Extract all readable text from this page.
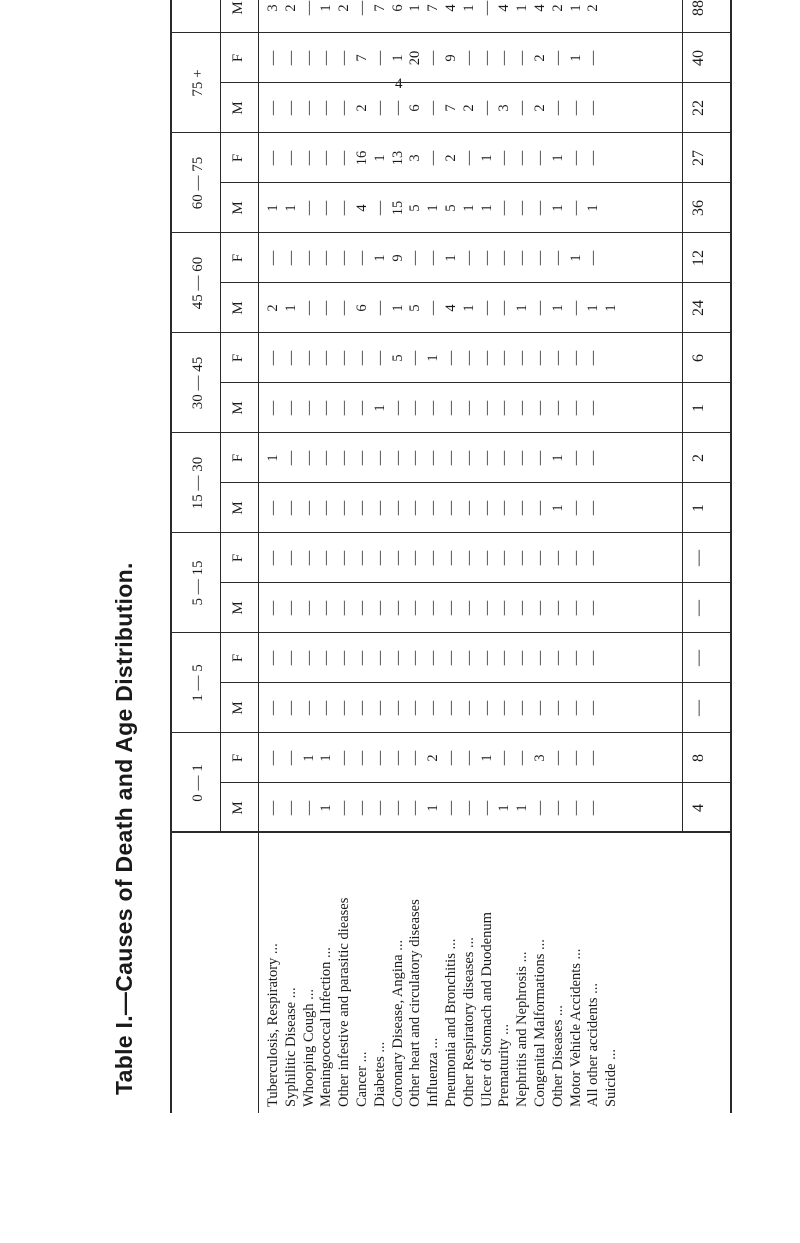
4
Table I.—Causes of Death and Age Distribution.	Tuberculosis, Respiratory ... Syphilitic Disease ... Whooping Cough ... Meningococcal Infection ... Other infestive and parasitic dieases Cancer ... Diabetes ... Coronary Disease, Angina ... Other heart and circulatory diseases Influenza ... Pneumonia and Bronchitis ... Other Respiratory diseases ... Ulcer of Stomach and Duodenum Prematurity ... Nephritis and Nephrosis ... Congenital Malformations ... Other Diseases ... Motor Vehicle Accidents ... All other accidents ... Suicide ...
0 — 1
1 — 5
5 — 15
15 — 30
30 — 45
45 — 60
60 — 75
75 +
M
F
M
F
M
F
M
F
M
F
M
F
M
F
M
F
M
— — — 1 — — — — — 1 — — — 1 1 — — — —
— — 1 1 — — — — — 2 — — 1 — — 3 — — —
— — — — — — — — — — — — — — — — — — —
— — — — — — — — — — — — — — — — — — —
— — — — — — — — — — — — — — — — — — —
— — — — — — — — — — — — — — — — — — —
— — — — — — — — — — — — — — — — 1 — —
1 — — — — — — — — — — — — — — — 1 — —
— — — — — — 1 — — — — — — — — — — — —
— — — — — — — 5 — 1 — — — — — — — — —
2 1 — — — 6 — 1 5 — 4 1 — — 1 — 1 — 1 1
— — — — — — 1 9 — — 1 — — — — — — 1 —
1 1 — — — 4 — 15 5 1 5 1 1 — — — 1 — 1
— — — — — 16 1 13 3 — 2 — 1 — — — 1 — —
— — — — — 2 — — 6 — 7 2 — 3 — 2 — — —
— — — — — 7 — 1 20 — 9 — — — — 2 — 1 —
3 2 — 1 2 — 7 6 1 7 4 1 — 4 1 4 2 1 2
4
8
—
—
—
—
1
2
1
6
24
12
36
27
22
40
88
